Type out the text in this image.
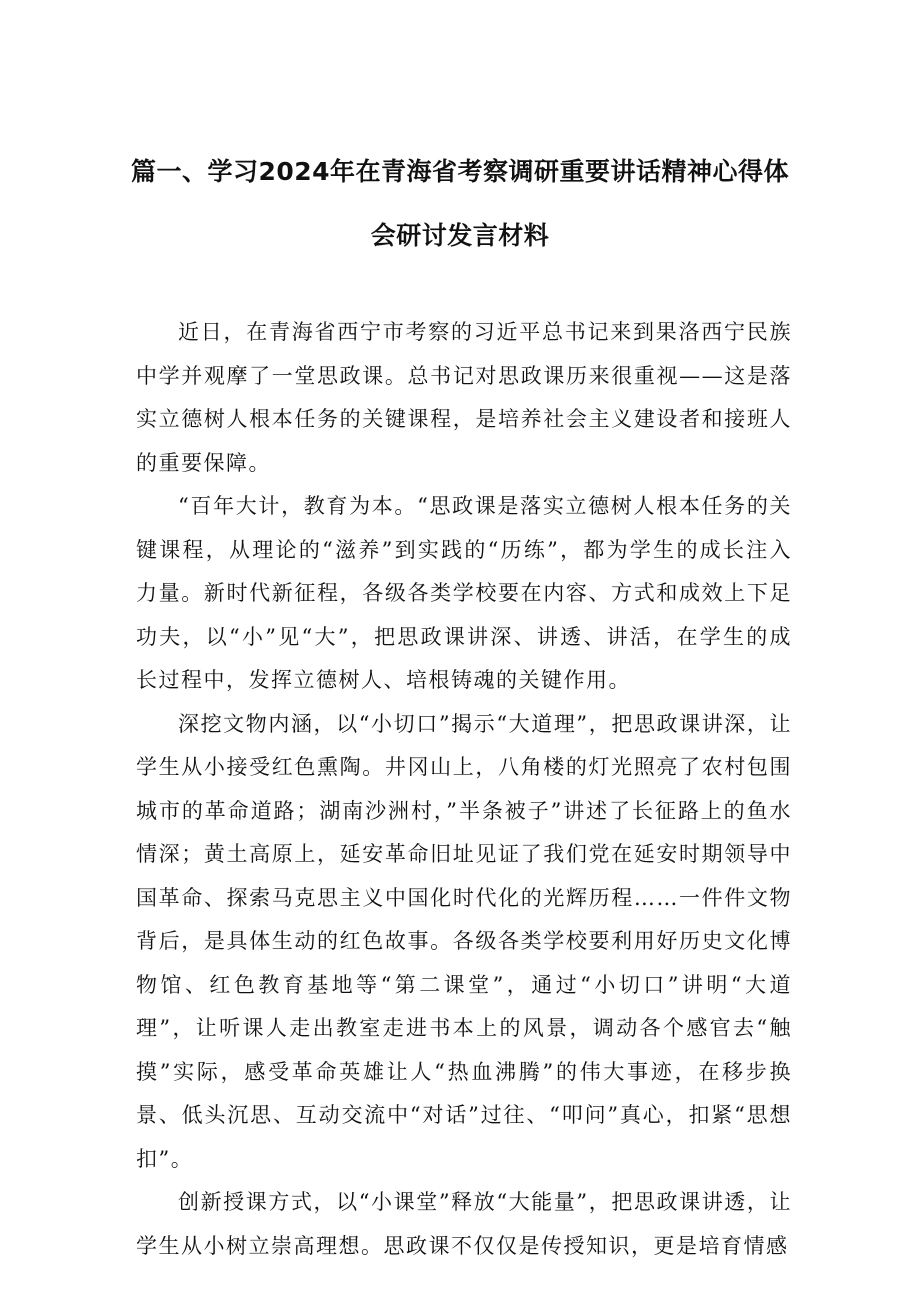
篇一、学习2024年在青海省考察调研重要讲话精神心得体
会研讨发言材料

近日，在青海省西宁市考察的习近平总书记来到果洛西宁民族中学并观摩了一堂思政课。总书记对思政课历来很重视——这是落实立德树人根本任务的关键课程，是培养社会主义建设者和接班人的重要保障。

“百年大计，教育为本。“思政课是落实立德树人根本任务的关键课程，从理论的“滋养”到实践的“历练”，都为学生的成长注入力量。新时代新征程，各级各类学校要在内容、方式和成效上下足功夫，以“小”见“大”，把思政课讲深、讲透、讲活，在学生的成长过程中，发挥立德树人、培根铸魂的关键作用。

深挖文物内涵，以“小切口”揭示“大道理”，把思政课讲深，让学生从小接受红色熏陶。井冈山上，八角楼的灯光照亮了农村包围城市的革命道路；湖南沙洲村，”半条被子”讲述了长征路上的鱼水情深；黄土高原上，延安革命旧址见证了我们党在延安时期领导中国革命、探索马克思主义中国化时代化的光辉历程……一件件文物背后，是具体生动的红色故事。各级各类学校要利用好历史文化博物馆、红色教育基地等“第二课堂”，通过“小切口”讲明“大道理”，让听课人走出教室走进书本上的风景，调动各个感官去“触摸”实际，感受革命英雄让人“热血沸腾”的伟大事迹，在移步换景、低头沉思、互动交流中“对话”过往、“叩问”真心，扣紧“思想扣”。

创新授课方式，以“小课堂”释放“大能量”，把思政课讲透，让学生从小树立崇高理想。思政课不仅仅是传授知识，更是培育情感
